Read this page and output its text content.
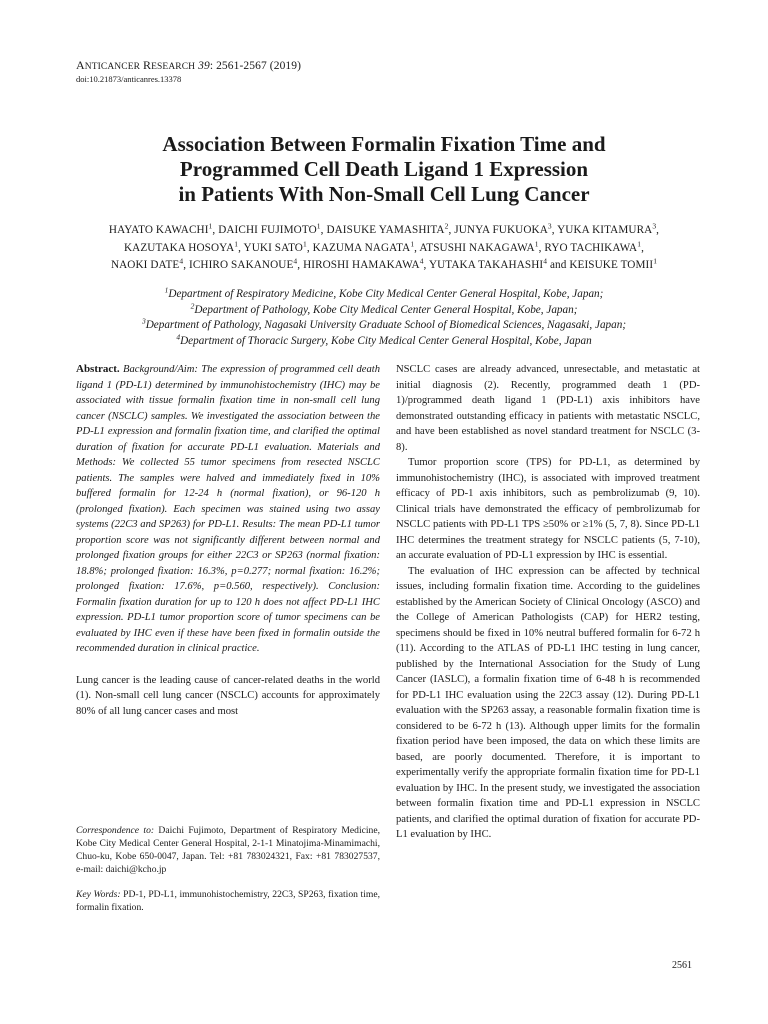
ANTICANCER RESEARCH 39: 2561-2567 (2019)
doi:10.21873/anticanres.13378
Association Between Formalin Fixation Time and
Programmed Cell Death Ligand 1 Expression
in Patients With Non-Small Cell Lung Cancer
HAYATO KAWACHI$^1$, DAICHI FUJIMOTO$^1$, DAISUKE YAMASHITA$^2$, JUNYA FUKUOKA$^3$, YUKA KITAMURA$^3$,
KAZUTAKA HOSOYA$^1$, YUKI SATO$^1$, KAZUMA NAGATA$^1$, ATSUSHI NAKAGAWA$^1$, RYO TACHIKAWA$^1$,
NAOKI DATE$^4$, ICHIRO SAKANOUE$^4$, HIROSHI HAMAKAWA$^4$, YUTAKA TAKAHASHI$^4$ and KEISUKE TOMII$^1$
$^1$Department of Respiratory Medicine, Kobe City Medical Center General Hospital, Kobe, Japan;
$^2$Department of Pathology, Kobe City Medical Center General Hospital, Kobe, Japan;
$^3$Department of Pathology, Nagasaki University Graduate School of Biomedical Sciences, Nagasaki, Japan;
$^4$Department of Thoracic Surgery, Kobe City Medical Center General Hospital, Kobe, Japan

Abstract. Background/Aim: The expression of programmed cell death ligand 1 (PD-L1) determined by immunohistochemistry (IHC) may be associated with tissue formalin fixation time in non-small cell lung cancer (NSCLC) samples. We investigated the association between the PD-L1 expression and formalin fixation time, and clarified the optimal duration of fixation for accurate PD-L1 evaluation. Materials and Methods: We collected 55 tumor specimens from resected NSCLC patients. The samples were halved and immediately fixed in 10% buffered formalin for 12-24 h (normal fixation), or 96-120 h (prolonged fixation). Each specimen was stained using two assay systems (22C3 and SP263) for PD-L1. Results: The mean PD-L1 tumor proportion score was not significantly different between normal and prolonged fixation groups for either 22C3 or SP263 (normal fixation: 18.8%; prolonged fixation: 16.3%, p=0.277; normal fixation: 16.2%; prolonged fixation: 17.6%, p=0.560, respectively). Conclusion: Formalin fixation duration for up to 120 h does not affect PD-L1 IHC expression. PD-L1 tumor proportion score of tumor specimens can be evaluated by IHC even if these have been fixed in formalin outside the recommended duration in clinical practice.

Lung cancer is the leading cause of cancer-related deaths in the world (1). Non-small cell lung cancer (NSCLC) accounts for approximately 80% of all lung cancer cases and most

NSCLC cases are already advanced, unresectable, and metastatic at initial diagnosis (2). Recently, programmed death 1 (PD-1)/programmed death ligand 1 (PD-L1) axis inhibitors have demonstrated outstanding efficacy in patients with metastatic NSCLC, and have been established as novel standard treatment for NSCLC (3-8).

Tumor proportion score (TPS) for PD-L1, as determined by immunohistochemistry (IHC), is associated with improved treatment efficacy of PD-1 axis inhibitors, such as pembrolizumab (9, 10). Clinical trials have demonstrated the efficacy of pembrolizumab for NSCLC patients with PD-L1 TPS ≥50% or ≥1% (5, 7, 8). Since PD-L1 IHC determines the treatment strategy for NSCLC patients (5, 7-10), an accurate evaluation of PD-L1 expression by IHC is essential.

The evaluation of IHC expression can be affected by technical issues, including formalin fixation time. According to the guidelines established by the American Society of Clinical Oncology (ASCO) and the College of American Pathologists (CAP) for HER2 testing, specimens should be fixed in 10% neutral buffered formalin for 6-72 h (11). According to the ATLAS of PD-L1 IHC testing in lung cancer, published by the International Association for the Study of Lung Cancer (IASLC), a formalin fixation time of 6-48 h is recommended for PD-L1 IHC evaluation using the 22C3 assay (12). During PD-L1 evaluation with the SP263 assay, a reasonable formalin fixation time is considered to be 6-72 h (13). Although upper limits for the formalin fixation period have been imposed, the data on which these limits are based, are poorly documented. Therefore, it is important to experimentally verify the appropriate formalin fixation time for PD-L1 evaluation by IHC. In the present study, we investigated the association between formalin fixation time and PD-L1 expression in NSCLC patients, and clarified the optimal duration of fixation for accurate PD-L1 evaluation by IHC.

Correspondence to: Daichi Fujimoto, Department of Respiratory Medicine, Kobe City Medical Center General Hospital, 2-1-1 Minatojima-Minamimachi, Chuo-ku, Kobe 650-0047, Japan. Tel: +81 783024321, Fax: +81 783027537, e-mail: daichi@kcho.jp
Key Words: PD-1, PD-L1, immunohistochemistry, 22C3, SP263, fixation time, formalin fixation.
2561
